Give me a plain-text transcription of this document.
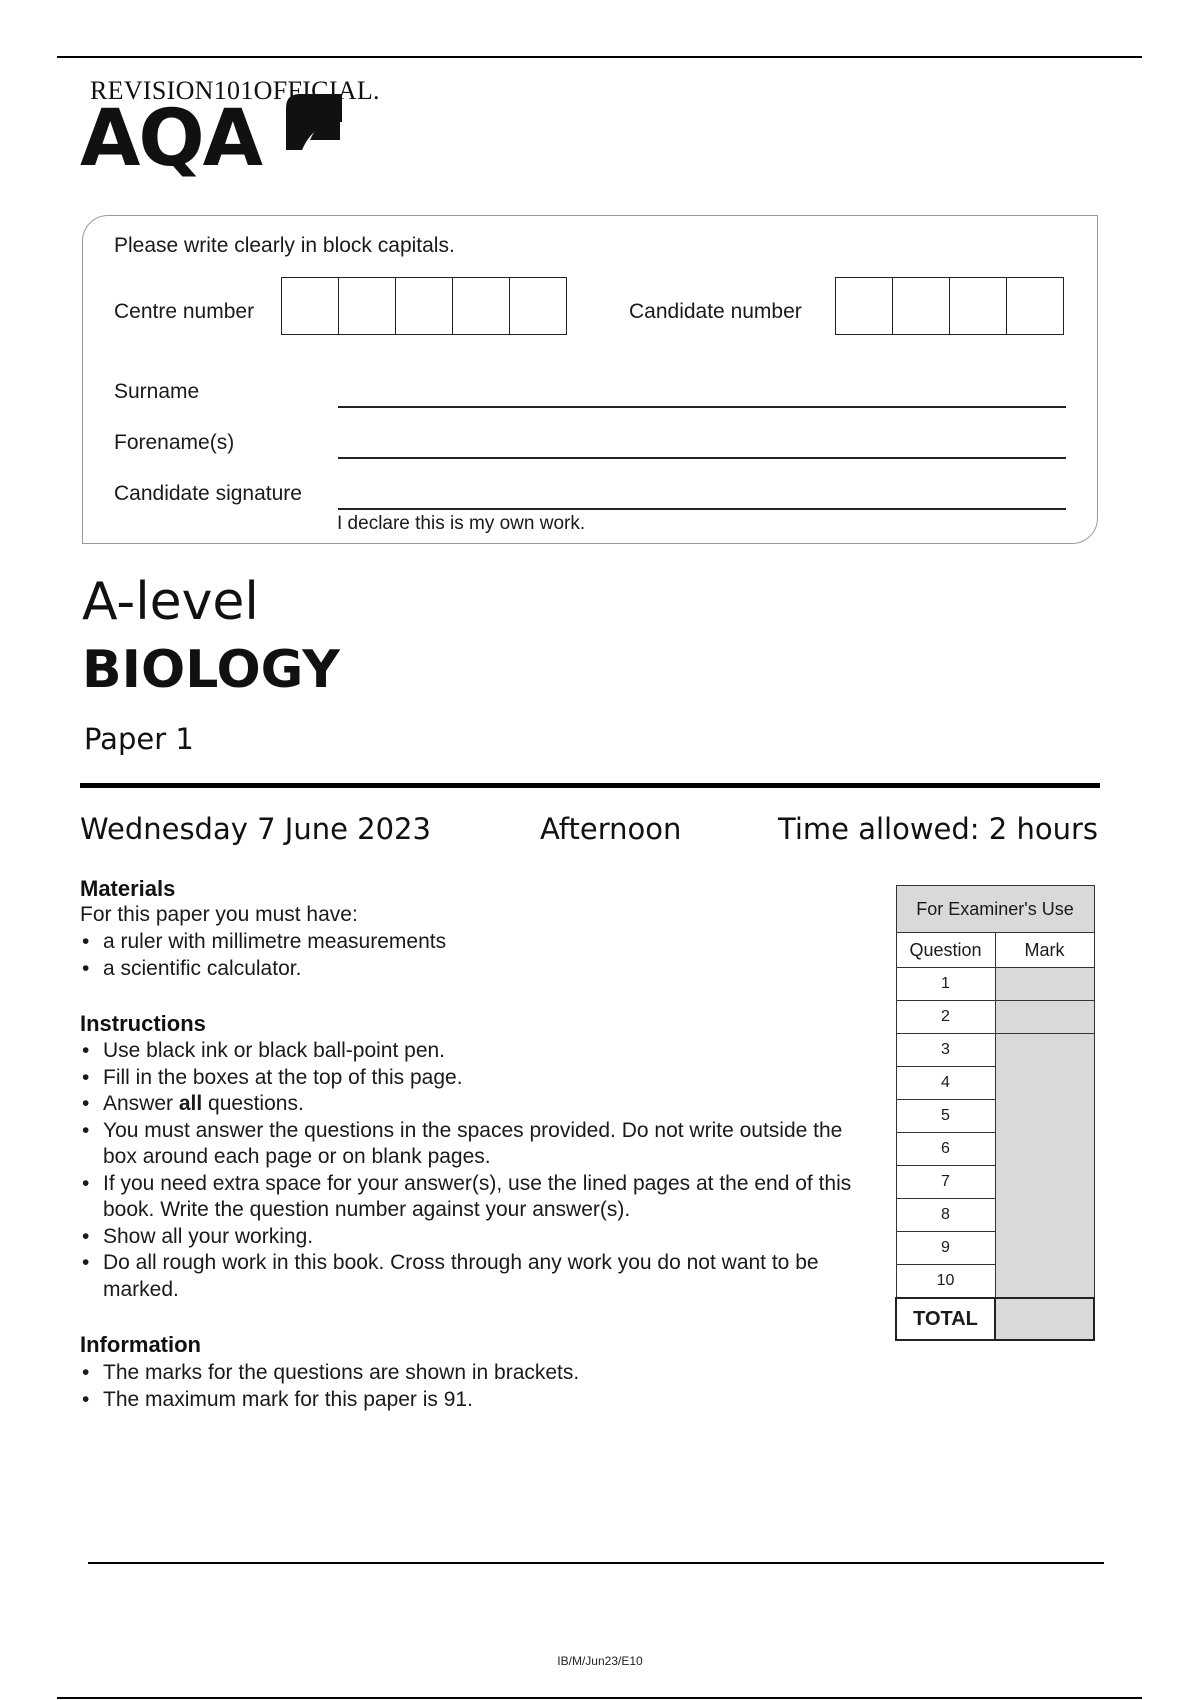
REVISION101OFFICIAL.
AQA
Please write clearly in block capitals.
Centre number	Candidate number
Surname
Forename(s)
Candidate signature
I declare this is my own work.
A-level
BIOLOGY
Paper 1
Wednesday 7 June 2023	Afternoon	Time allowed: 2 hours
Materials
For this paper you must have:
• a ruler with millimetre measurements
• a scientific calculator.
Instructions
• Use black ink or black ball-point pen.
• Fill in the boxes at the top of this page.
• Answer all questions.
• You must answer the questions in the spaces provided. Do not write outside the box around each page or on blank pages.
• If you need extra space for your answer(s), use the lined pages at the end of this book. Write the question number against your answer(s).
• Show all your working.
• Do all rough work in this book. Cross through any work you do not want to be marked.
Information
• The marks for the questions are shown in brackets.
• The maximum mark for this paper is 91.
For Examiner's Use	
Question	Mark
1	
2	
3	
4	
5	
6	
7	
8	
9	
10	
TOTAL	
IB/M/Jun23/E10
